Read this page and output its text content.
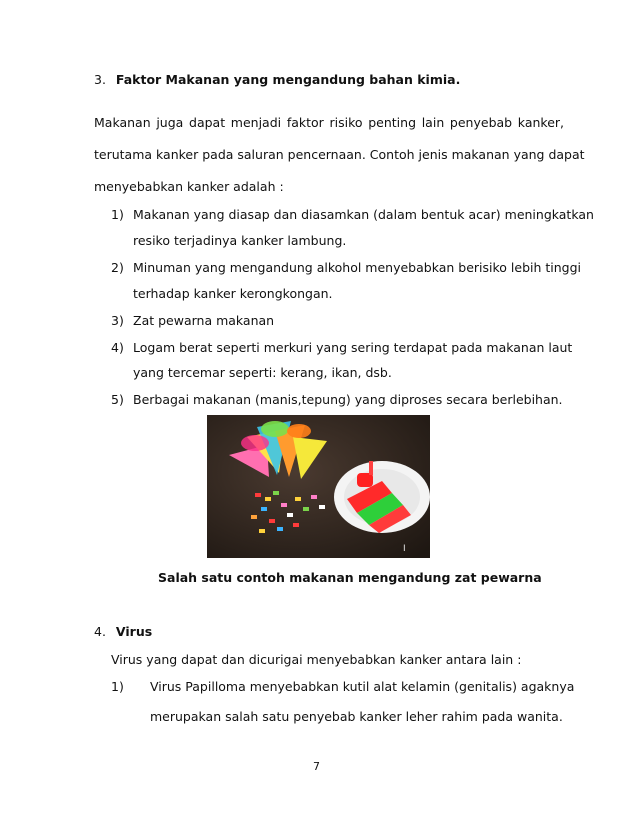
3. Faktor Makanan yang mengandung bahan kimia.
Makanan juga dapat menjadi faktor risiko penting lain penyebab kanker,
terutama kanker pada saluran pencernaan. Contoh jenis makanan yang dapat
menyebabkan kanker adalah :
1) Makanan yang diasap dan diasamkan (dalam bentuk acar) meningkatkan
resiko terjadinya kanker lambung.
2) Minuman yang mengandung alkohol menyebabkan berisiko lebih tinggi
terhadap kanker kerongkongan.
3) Zat pewarna makanan
4) Logam berat seperti merkuri yang sering terdapat pada makanan laut
yang tercemar seperti: kerang, ikan, dsb.
5) Berbagai makanan (manis,tepung) yang diproses secara berlebihan.
I
Salah satu contoh makanan mengandung zat pewarna
4. Virus
Virus yang dapat dan dicurigai menyebabkan kanker antara lain :
1) Virus Papilloma menyebabkan kutil alat kelamin (genitalis) agaknya
merupakan salah satu penyebab kanker leher rahim pada wanita.
7
